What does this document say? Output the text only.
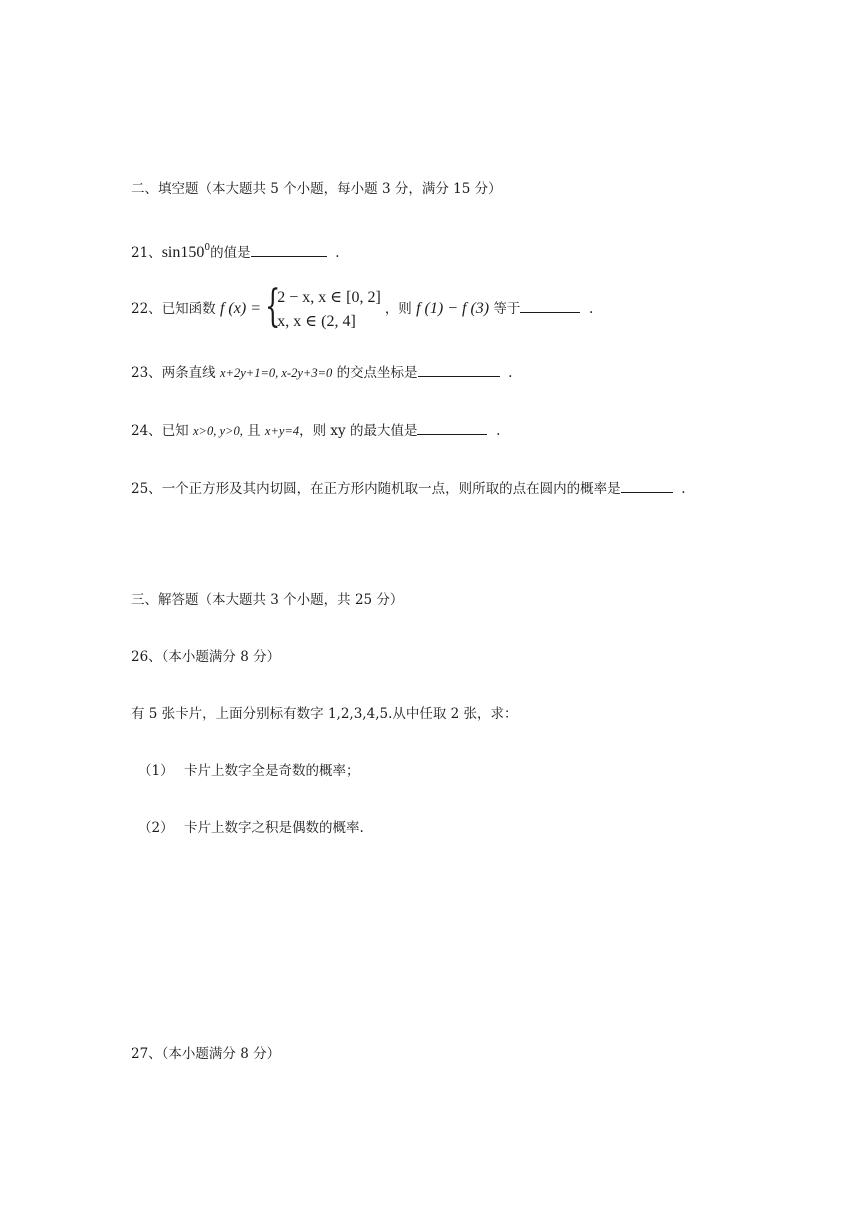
二、填空题（本大题共 5 个小题，每小题 3 分，满分 15 分）
21、$\sin 150^0$的值是	.
22、已知函数 f (x) = {
2 − x, x ∈ [0, 2]
x, x ∈ (2, 4]
，则 f (1) − f (3) 等于	.
23、两条直线 x+2y+1=0, x-2y+3=0 的交点坐标是	.
24、已知 x>0, y>0, 且 x+y=4，则 xy 的最大值是	.
25、一个正方形及其内切圆，在正方形内随机取一点，则所取的点在圆内的概率是	.
三、解答题（本大题共 3 个小题，共 25 分）
26、（本小题满分 8 分）
有 5 张卡片，上面分别标有数字 1,2,3,4,5.从中任取 2 张，求：
（1） 卡片上数字全是奇数的概率；
（2） 卡片上数字之积是偶数的概率.
27、（本小题满分 8 分）
